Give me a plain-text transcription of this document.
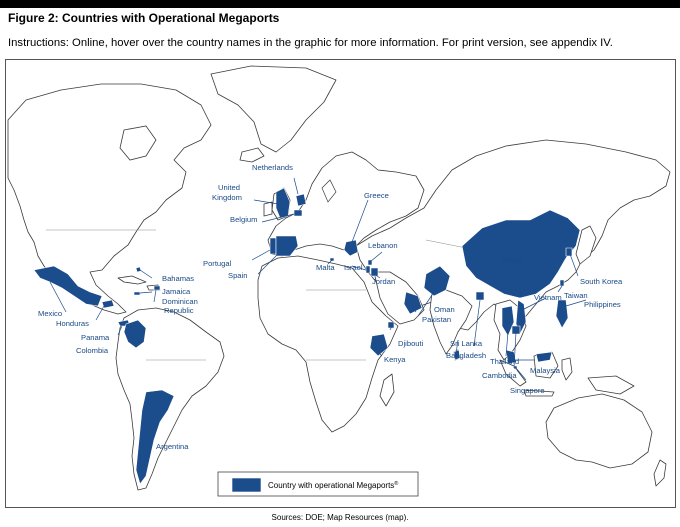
Figure 2: Countries with Operational Megaports
Instructions: Online, hover over the country names in the graphic for more information. For print version, see appendix IV.
Netherlands
United
Kingdom
Belgium
Greece
Lebanon
Portugal
Spain
Malta Israel
Jordan
Bahamas
Jamaica
Dominican
Republic
Mexico
Honduras
Panama
Colombia
Argentina
Oman
Pakistan
Djibouti
Kenya
Sri Lanka
Bangladesh
Thailand
Cambodia
Singapore
Malaysia
China
South Korea
Vietnam Taiwan
Philippines
Country with operational Megaports®
Sources: DOE; Map Resources (map).
